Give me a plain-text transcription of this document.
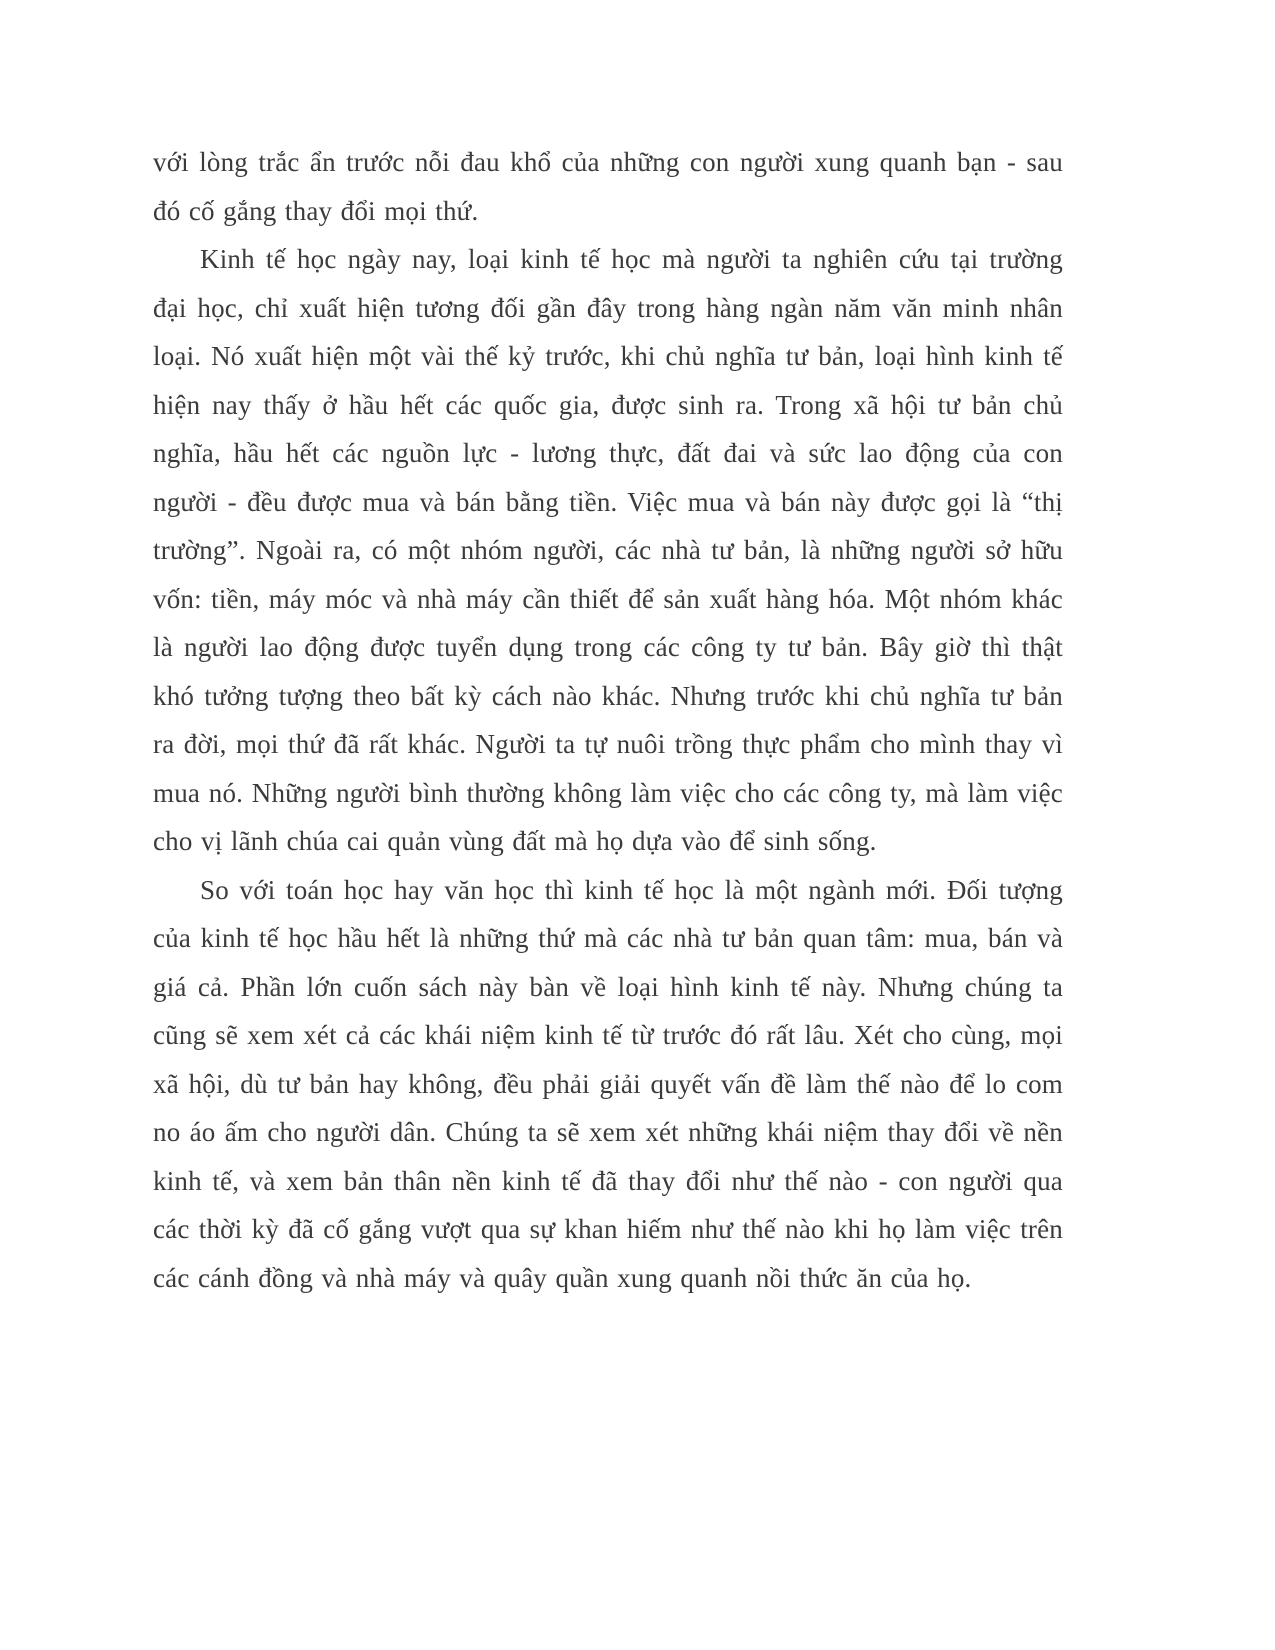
với lòng trắc ẩn trước nỗi đau khổ của những con người xung quanh bạn - sau đó cố gắng thay đổi mọi thứ.

Kinh tế học ngày nay, loại kinh tế học mà người ta nghiên cứu tại trường đại học, chỉ xuất hiện tương đối gần đây trong hàng ngàn năm văn minh nhân loại. Nó xuất hiện một vài thế kỷ trước, khi chủ nghĩa tư bản, loại hình kinh tế hiện nay thấy ở hầu hết các quốc gia, được sinh ra. Trong xã hội tư bản chủ nghĩa, hầu hết các nguồn lực - lương thực, đất đai và sức lao động của con người - đều được mua và bán bằng tiền. Việc mua và bán này được gọi là “thị trường”. Ngoài ra, có một nhóm người, các nhà tư bản, là những người sở hữu vốn: tiền, máy móc và nhà máy cần thiết để sản xuất hàng hóa. Một nhóm khác là người lao động được tuyển dụng trong các công ty tư bản. Bây giờ thì thật khó tưởng tượng theo bất kỳ cách nào khác. Nhưng trước khi chủ nghĩa tư bản ra đời, mọi thứ đã rất khác. Người ta tự nuôi trồng thực phẩm cho mình thay vì mua nó. Những người bình thường không làm việc cho các công ty, mà làm việc cho vị lãnh chúa cai quản vùng đất mà họ dựa vào để sinh sống.

So với toán học hay văn học thì kinh tế học là một ngành mới. Đối tượng của kinh tế học hầu hết là những thứ mà các nhà tư bản quan tâm: mua, bán và giá cả. Phần lớn cuốn sách này bàn về loại hình kinh tế này. Nhưng chúng ta cũng sẽ xem xét cả các khái niệm kinh tế từ trước đó rất lâu. Xét cho cùng, mọi xã hội, dù tư bản hay không, đều phải giải quyết vấn đề làm thế nào để lo com no áo ấm cho người dân. Chúng ta sẽ xem xét những khái niệm thay đổi về nền kinh tế, và xem bản thân nền kinh tế đã thay đổi như thế nào - con người qua các thời kỳ đã cố gắng vượt qua sự khan hiếm như thế nào khi họ làm việc trên các cánh đồng và nhà máy và quây quần xung quanh nồi thức ăn của họ.
